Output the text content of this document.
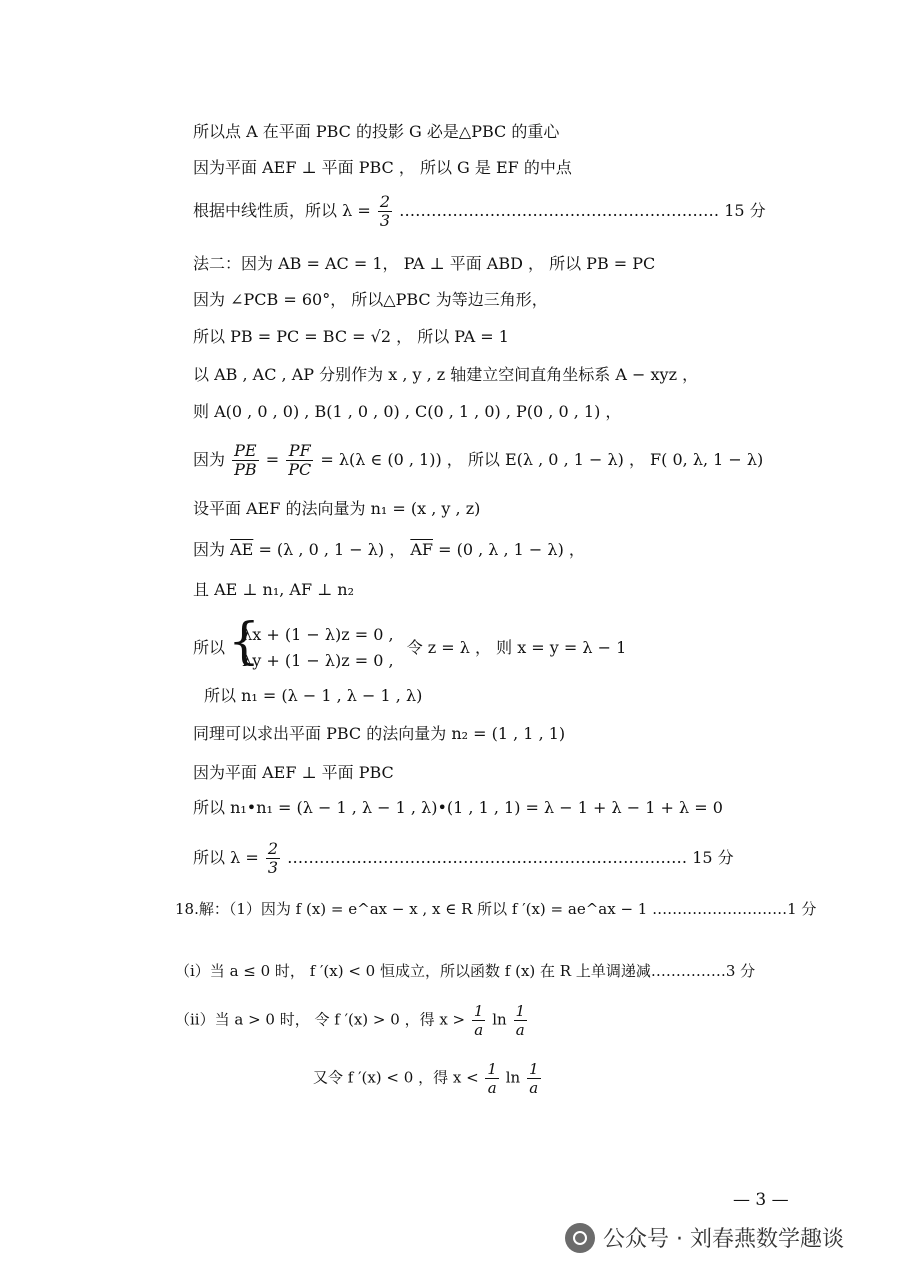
所以点 A 在平面 PBC 的投影 G 必是△PBC 的重心
因为平面 AEF ⊥ 平面 PBC ， 所以 G 是 EF 的中点
根据中线性质，所以 $\lambda = \frac{2}{3}$ …………………………………………………… 15 分
法二：因为 AB = AC = 1， PA ⊥ 平面 ABD ， 所以 PB = PC
因为 ∠PCB = 60°， 所以△PBC 为等边三角形，
所以 PB = PC = BC = √2 ， 所以 PA = 1
以 AB , AC , AP 分别作为 x , y , z 轴建立空间直角坐标系 A − xyz ，
则 A(0 , 0 , 0) , B(1 , 0 , 0) , C(0 , 1 , 0) , P(0 , 0 , 1) ，
因为 $\frac{PE}{PB} = \frac{PF}{PC} = \lambda(\lambda$ ∈ (0 , 1)) ， 所以 E(λ , 0 , 1 − λ) ， F( 0, λ, 1 − λ)
设平面 AEF 的法向量为 n₁ = (x , y , z)
因为 $\overline{AE} = (\lambda$ , 0 , 1 − λ) ， $\overline{AF} = (0$ , λ , 1 − λ) ，
且 AE ⊥ n₁, AF ⊥ n₂
所以
{ λx + (1 − λ)z = 0 ,
λy + (1 − λ)z = 0 ,
令 z = λ ， 则 x = y = λ − 1
所以 n₁ = (λ − 1 , λ − 1 , λ)
同理可以求出平面 PBC 的法向量为 n₂ = (1 , 1 , 1)
因为平面 AEF ⊥ 平面 PBC
所以 n₁•n₁ = (λ − 1 , λ − 1 , λ)•(1 , 1 , 1) = λ − 1 + λ − 1 + λ = 0
所以 $\lambda = \frac{2}{3}$ ………………………………………………………………… 15 分
18.解：（1）因为 f (x) = e^ax − x , x ∈ R 所以 f ′(x) = ae^ax − 1 ………………………1 分
（i）当 a ≤ 0 时， f ′(x) < 0 恒成立，所以函数 f (x) 在 R 上单调递减……………3 分
（ii）当 a > 0 时， 令 f ′(x) > 0 ，得 $x > \frac{1}{a}$ $\ln \frac{1}{a}$
又令 f ′(x) < 0 ，得 $x < \frac{1}{a}$ $\ln \frac{1}{a}$
— 3 —
公众号 · 刘春燕数学趣谈
